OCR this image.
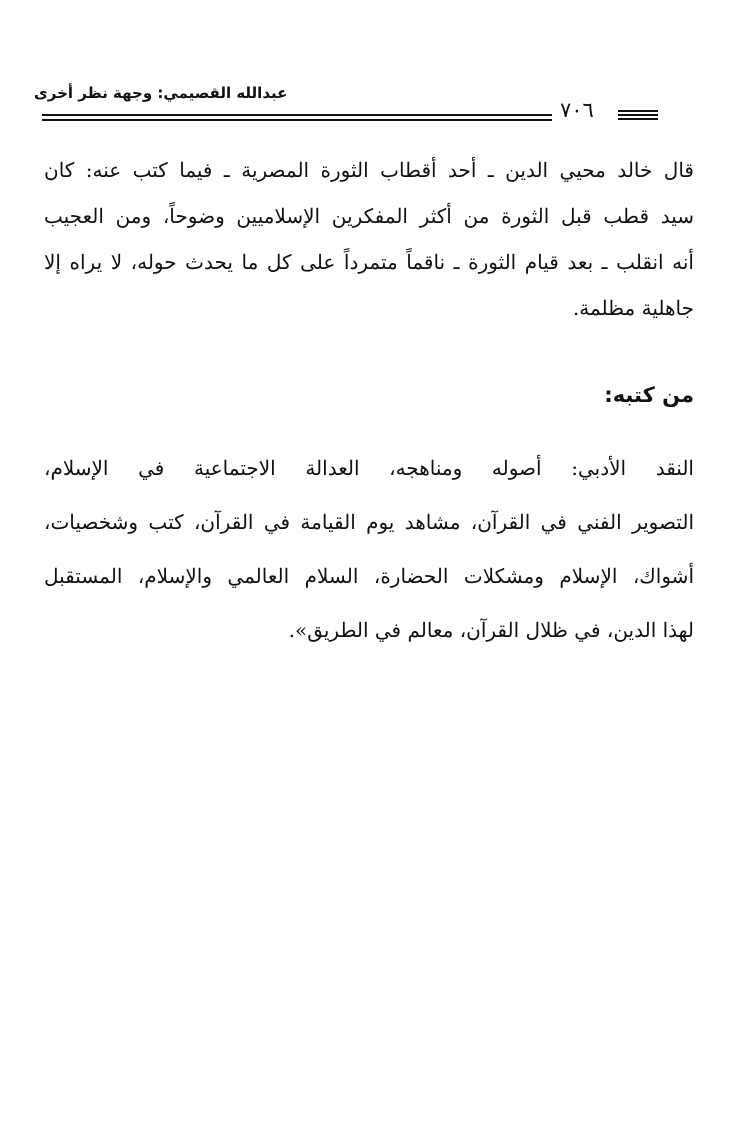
عبدالله القصيمي: وجهة نظر أخرى
٧٠٦
قال خالد محيي الدين ـ أحد أقطاب الثورة المصرية ـ فيما كتب عنه: كان
سيد قطب قبل الثورة من أكثر المفكرين الإسلاميين وضوحاً، ومن العجيب
أنه انقلب ـ بعد قيام الثورة ـ ناقماً متمرداً على كل ما يحدث حوله، لا يراه إلا
جاهلية مظلمة.
من كتبه:
النقد الأدبي: أصوله ومناهجه، العدالة الاجتماعية في الإسلام،
التصوير الفني في القرآن، مشاهد يوم القيامة في القرآن، كتب وشخصيات،
أشواك، الإسلام ومشكلات الحضارة، السلام العالمي والإسلام، المستقبل
لهذا الدين، في ظلال القرآن، معالم في الطريق».
